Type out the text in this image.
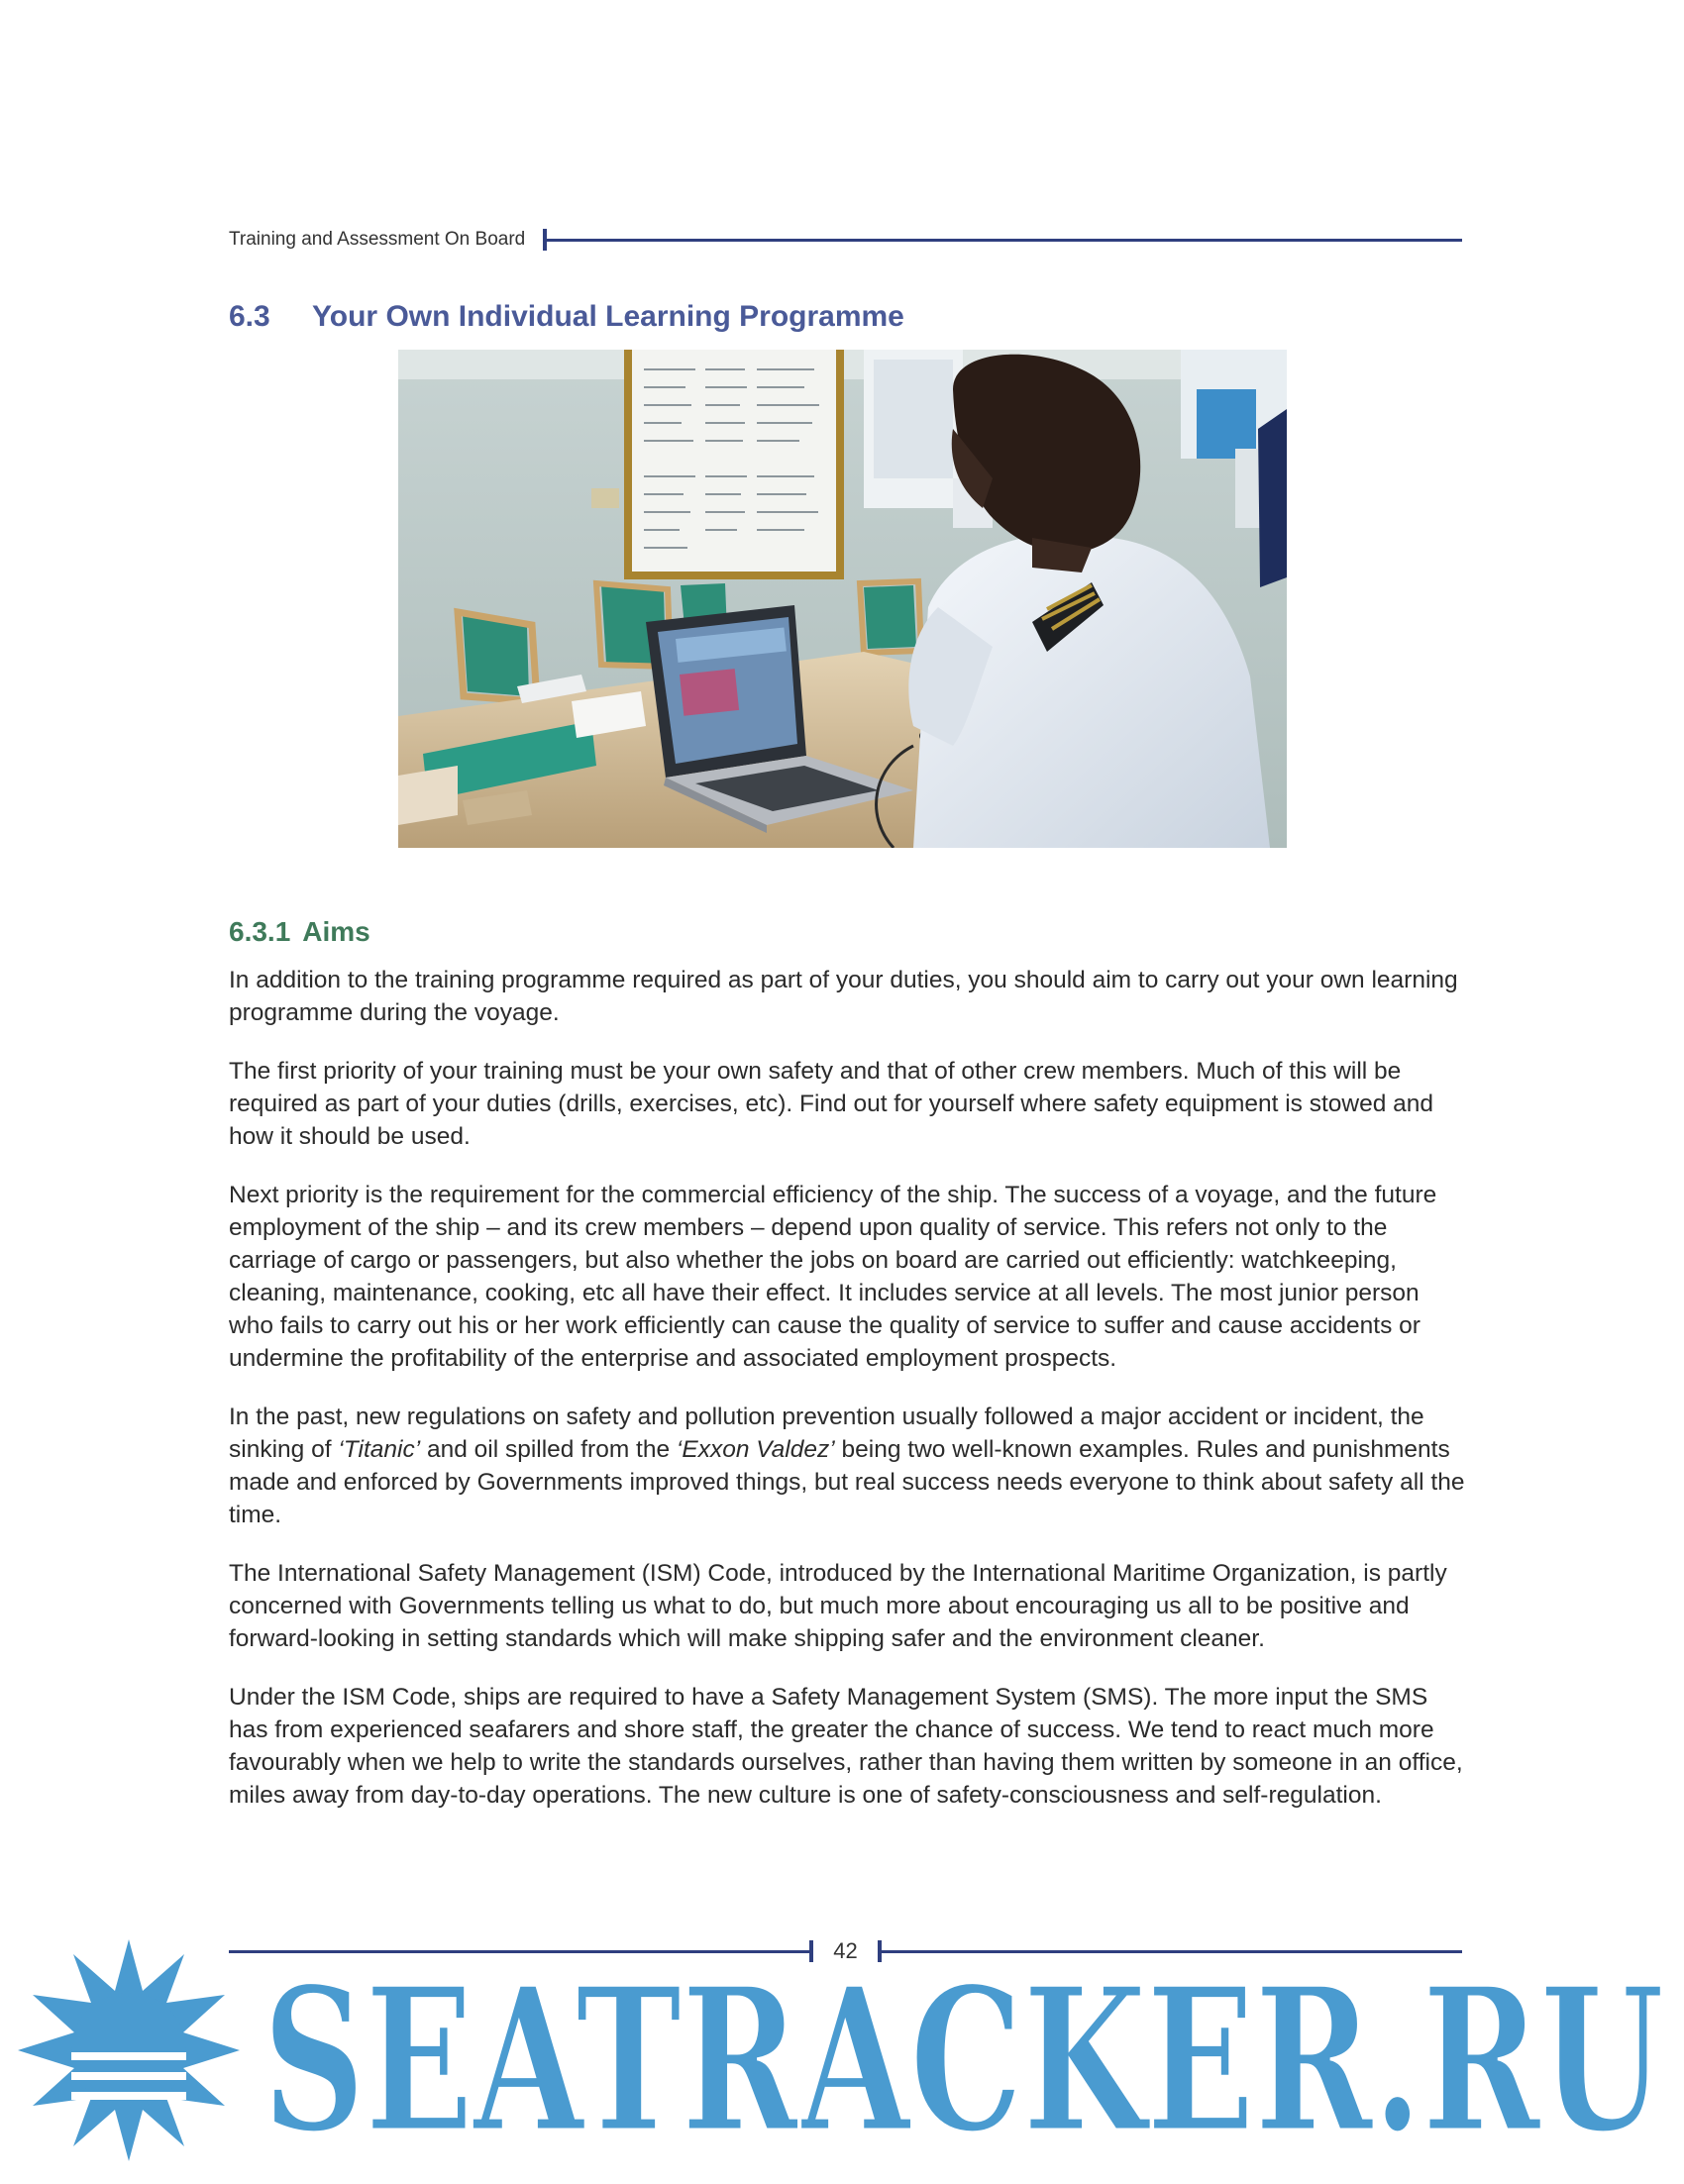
Training and Assessment On Board
6.3	Your Own Individual Learning Programme
6.3.1 Aims

In addition to the training programme required as part of your duties, you should aim to carry out your own learning programme during the voyage.

The first priority of your training must be your own safety and that of other crew members. Much of this will be required as part of your duties (drills, exercises, etc). Find out for yourself where safety equipment is stowed and how it should be used.

Next priority is the requirement for the commercial efficiency of the ship. The success of a voyage, and the future employment of the ship – and its crew members – depend upon quality of service. This refers not only to the carriage of cargo or passengers, but also whether the jobs on board are carried out efficiently: watchkeeping, cleaning, maintenance, cooking, etc all have their effect. It includes service at all levels. The most junior person who fails to carry out his or her work efficiently can cause the quality of service to suffer and cause accidents or undermine the profitability of the enterprise and associated employment prospects.

In the past, new regulations on safety and pollution prevention usually followed a major accident or incident, the sinking of ‘Titanic’ and oil spilled from the ‘Exxon Valdez’ being two well-known examples. Rules and punishments made and enforced by Governments improved things, but real success needs everyone to think about safety all the time.

The International Safety Management (ISM) Code, introduced by the International Maritime Organization, is partly concerned with Governments telling us what to do, but much more about encouraging us all to be positive and forward-looking in setting standards which will make shipping safer and the environment cleaner.

Under the ISM Code, ships are required to have a Safety Management System (SMS). The more input the SMS has from experienced seafarers and shore staff, the greater the chance of success. We tend to react much more favourably when we help to write the standards ourselves, rather than having them written by someone in an office, miles away from day-to-day operations. The new culture is one of safety-consciousness and self-regulation.

42
SEATRACKER.RU
